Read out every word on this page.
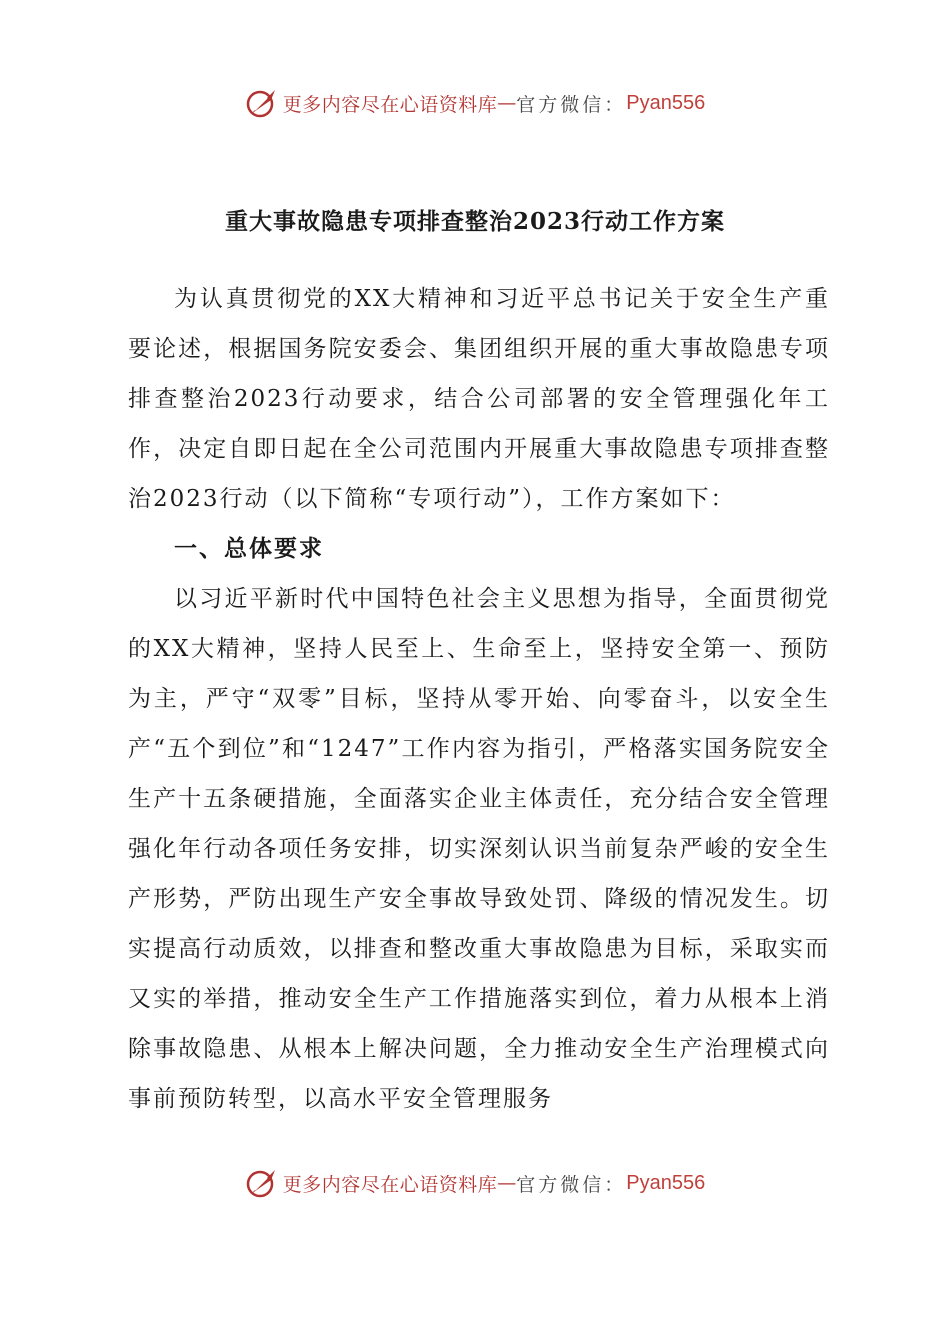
更多内容尽在心语资料库 — 官方微信： Pyan556
重大事故隐患专项排查整治2023行动工作方案

为认真贯彻党的XX大精神和习近平总书记关于安全生产重要论述，根据国务院安委会、集团组织开展的重大事故隐患专项排查整治2023行动要求，结合公司部署的安全管理强化年工作，决定自即日起在全公司范围内开展重大事故隐患专项排查整治2023行动（以下简称“专项行动”），工作方案如下：

一、总体要求

以习近平新时代中国特色社会主义思想为指导，全面贯彻党的XX大精神，坚持人民至上、生命至上，坚持安全第一、预防为主，严守“双零”目标，坚持从零开始、向零奋斗，以安全生产“五个到位”和“1247”工作内容为指引，严格落实国务院安全生产十五条硬措施，全面落实企业主体责任，充分结合安全管理强化年行动各项任务安排，切实深刻认识当前复杂严峻的安全生产形势，严防出现生产安全事故导致处罚、降级的情况发生。切实提高行动质效，以排查和整改重大事故隐患为目标，采取实而又实的举措，推动安全生产工作措施落实到位，着力从根本上消除事故隐患、从根本上解决问题，全力推动安全生产治理模式向事前预防转型，以高水平安全管理服务

更多内容尽在心语资料库 — 官方微信： Pyan556
